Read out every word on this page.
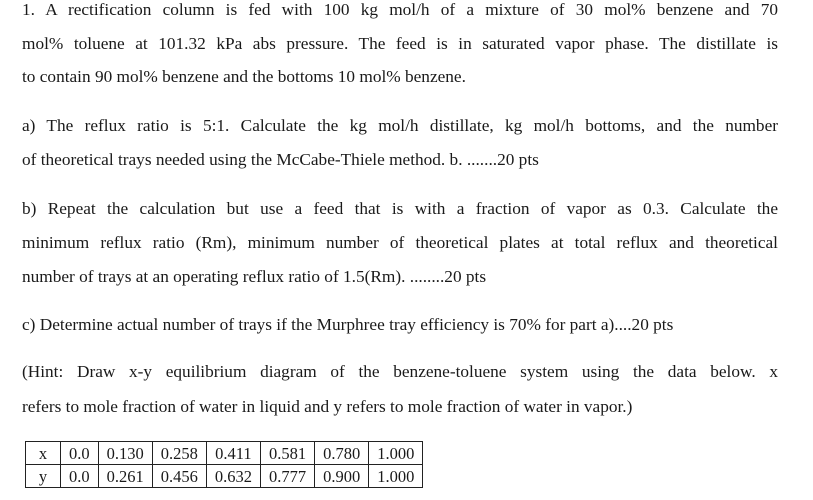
1. A rectification column is fed with 100 kg mol/h of a mixture of 30 mol% benzene and 70
mol% toluene at 101.32 kPa abs pressure. The feed is in saturated vapor phase. The distillate is
to contain 90 mol% benzene and the bottoms 10 mol% benzene.
a) The reflux ratio is 5:1. Calculate the kg mol/h distillate, kg mol/h bottoms, and the number
of theoretical trays needed using the McCabe-Thiele method. b. .......20 pts
b) Repeat the calculation but use a feed that is with a fraction of vapor as 0.3. Calculate the
minimum reflux ratio (Rm), minimum number of theoretical plates at total reflux and theoretical
number of trays at an operating reflux ratio of 1.5(Rm). ........20 pts
c) Determine actual number of trays if the Murphree tray efficiency is 70% for part a)....20 pts
(Hint: Draw x-y equilibrium diagram of the benzene-toluene system using the data below. x
refers to mole fraction of water in liquid and y refers to mole fraction of water in vapor.)
x	0.0	0.130	0.258	0.411	0.581	0.780	1.000
y	0.0	0.261	0.456	0.632	0.777	0.900	1.000
